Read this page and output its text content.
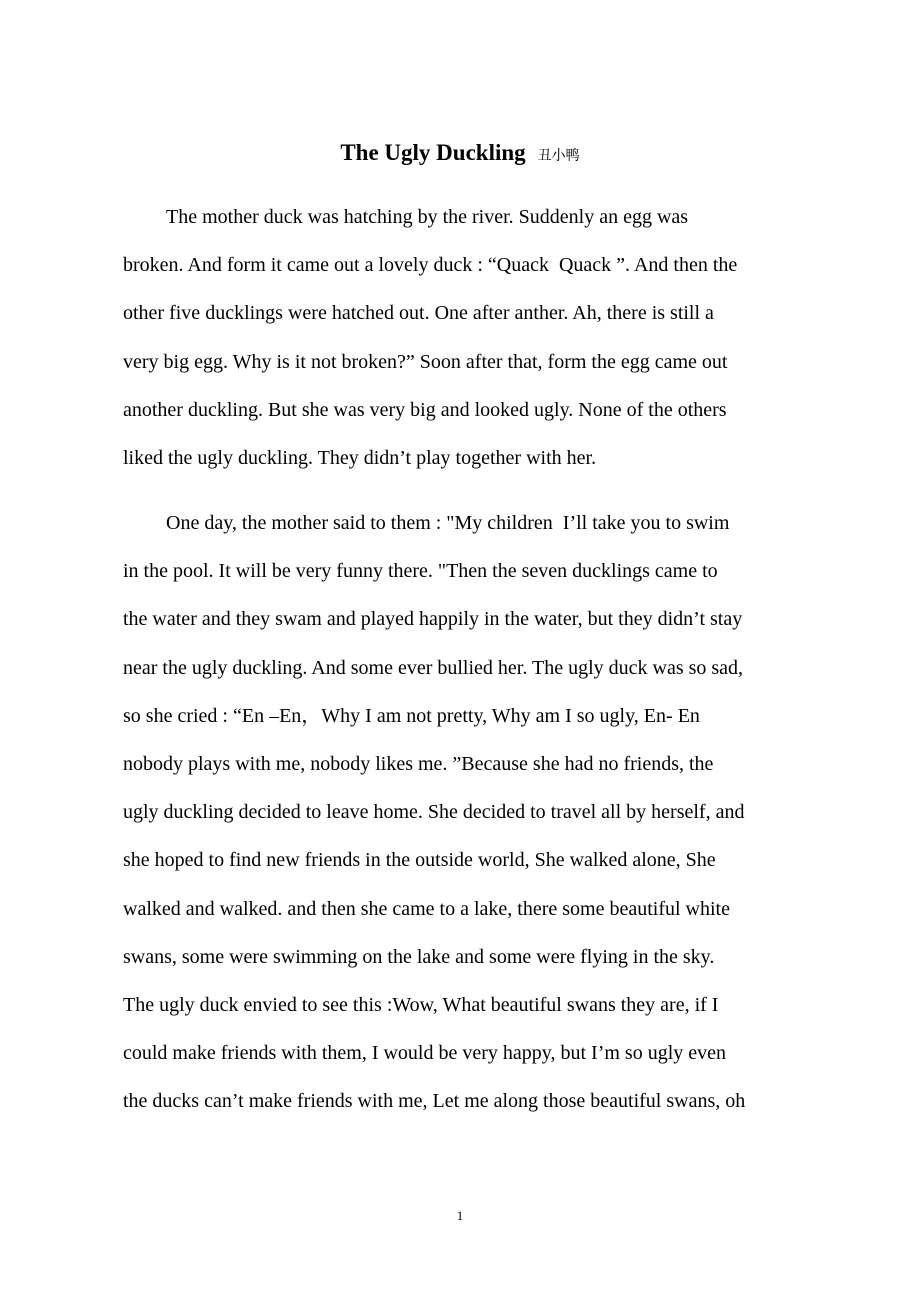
The Ugly Duckling 丑小鸭
The mother duck was hatching by the river. Suddenly an egg was
broken. And form it came out a lovely duck : “Quack  Quack ”. And then the
other five ducklings were hatched out. One after anther. Ah, there is still a
very big egg. Why is it not broken?” Soon after that, form the egg came out
another duckling. But she was very big and looked ugly. None of the others
liked the ugly duckling. They didn’t play together with her.
One day, the mother said to them : "My children  I’ll take you to swim
in the pool. It will be very funny there. "Then the seven ducklings came to
the water and they swam and played happily in the water, but they didn’t stay
near the ugly duckling. And some ever bullied her. The ugly duck was so sad,
so she cried : “En –En，Why I am not pretty, Why am I so ugly, En- En
nobody plays with me, nobody likes me. ”Because she had no friends, the
ugly duckling decided to leave home. She decided to travel all by herself, and
she hoped to find new friends in the outside world, She walked alone, She
walked and walked. and then she came to a lake, there some beautiful white
swans, some were swimming on the lake and some were flying in the sky.
The ugly duck envied to see this :Wow, What beautiful swans they are, if I
could make friends with them, I would be very happy, but I’m so ugly even
the ducks can’t make friends with me, Let me along those beautiful swans, oh
1
